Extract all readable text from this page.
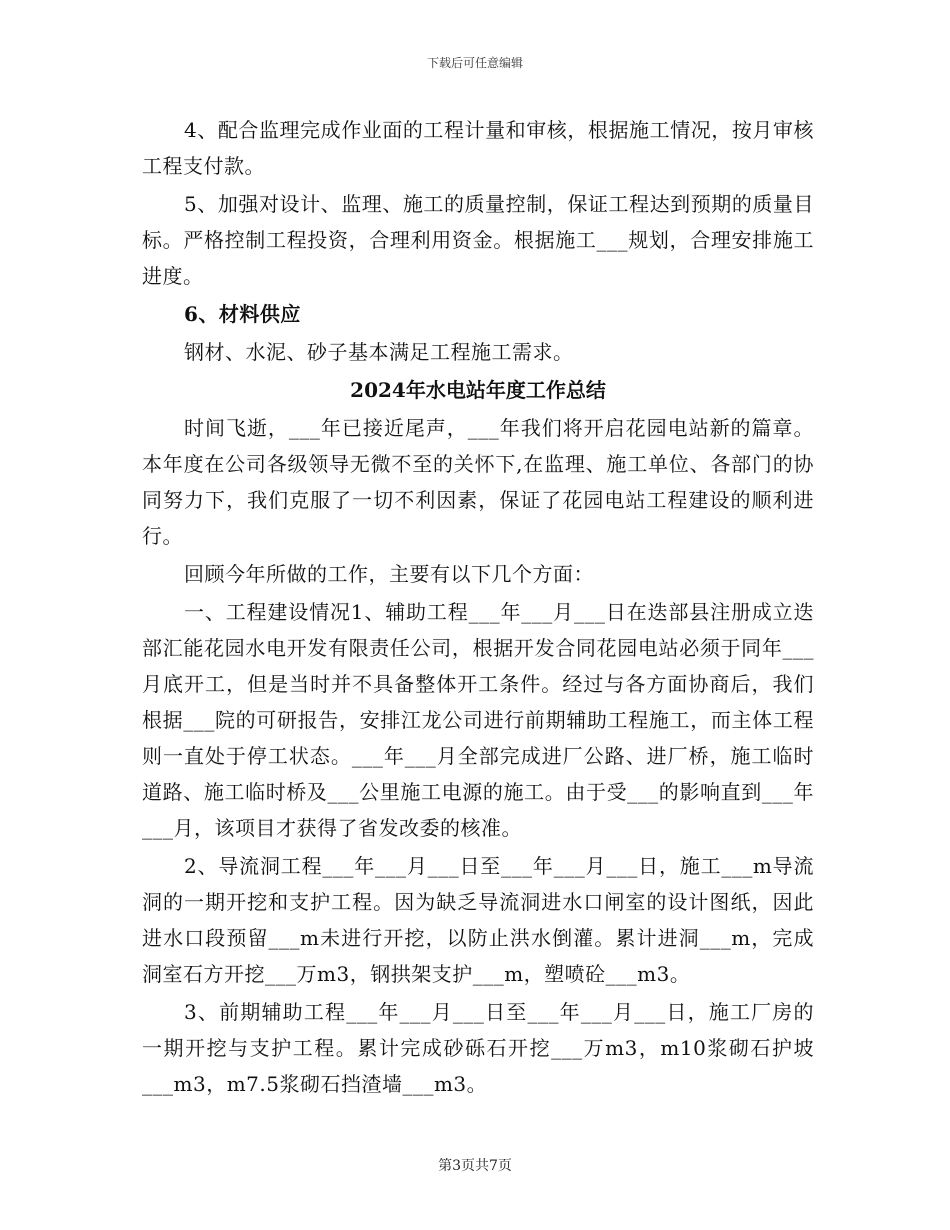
下载后可任意编辑

4、配合监理完成作业面的工程计量和审核，根据施工情况，按月审核工程支付款。

5、加强对设计、监理、施工的质量控制，保证工程达到预期的质量目标。严格控制工程投资，合理利用资金。根据施工___规划，合理安排施工进度。

6、材料供应

钢材、水泥、砂子基本满足工程施工需求。

2024年水电站年度工作总结

时间飞逝，___年已接近尾声，___年我们将开启花园电站新的篇章。本年度在公司各级领导无微不至的关怀下,在监理、施工单位、各部门的协同努力下，我们克服了一切不利因素，保证了花园电站工程建设的顺利进行。

回顾今年所做的工作，主要有以下几个方面：

一、工程建设情况1、辅助工程___年___月___日在迭部县注册成立迭部汇能花园水电开发有限责任公司，根据开发合同花园电站必须于同年___月底开工，但是当时并不具备整体开工条件。经过与各方面协商后，我们根据___院的可研报告，安排江龙公司进行前期辅助工程施工，而主体工程则一直处于停工状态。___年___月全部完成进厂公路、进厂桥，施工临时道路、施工临时桥及___公里施工电源的施工。由于受___的影响直到___年___月，该项目才获得了省发改委的核准。

2、导流洞工程___年___月___日至___年___月___日，施工___m导流洞的一期开挖和支护工程。因为缺乏导流洞进水口闸室的设计图纸，因此进水口段预留___m未进行开挖，以防止洪水倒灌。累计进洞___m，完成洞室石方开挖___万m3，钢拱架支护___m，塑喷砼___m3。

3、前期辅助工程___年___月___日至___年___月___日，施工厂房的一期开挖与支护工程。累计完成砂砾石开挖___万m3，m10浆砌石护坡___m3，m7.5浆砌石挡渣墙___m3。

第3页共7页
